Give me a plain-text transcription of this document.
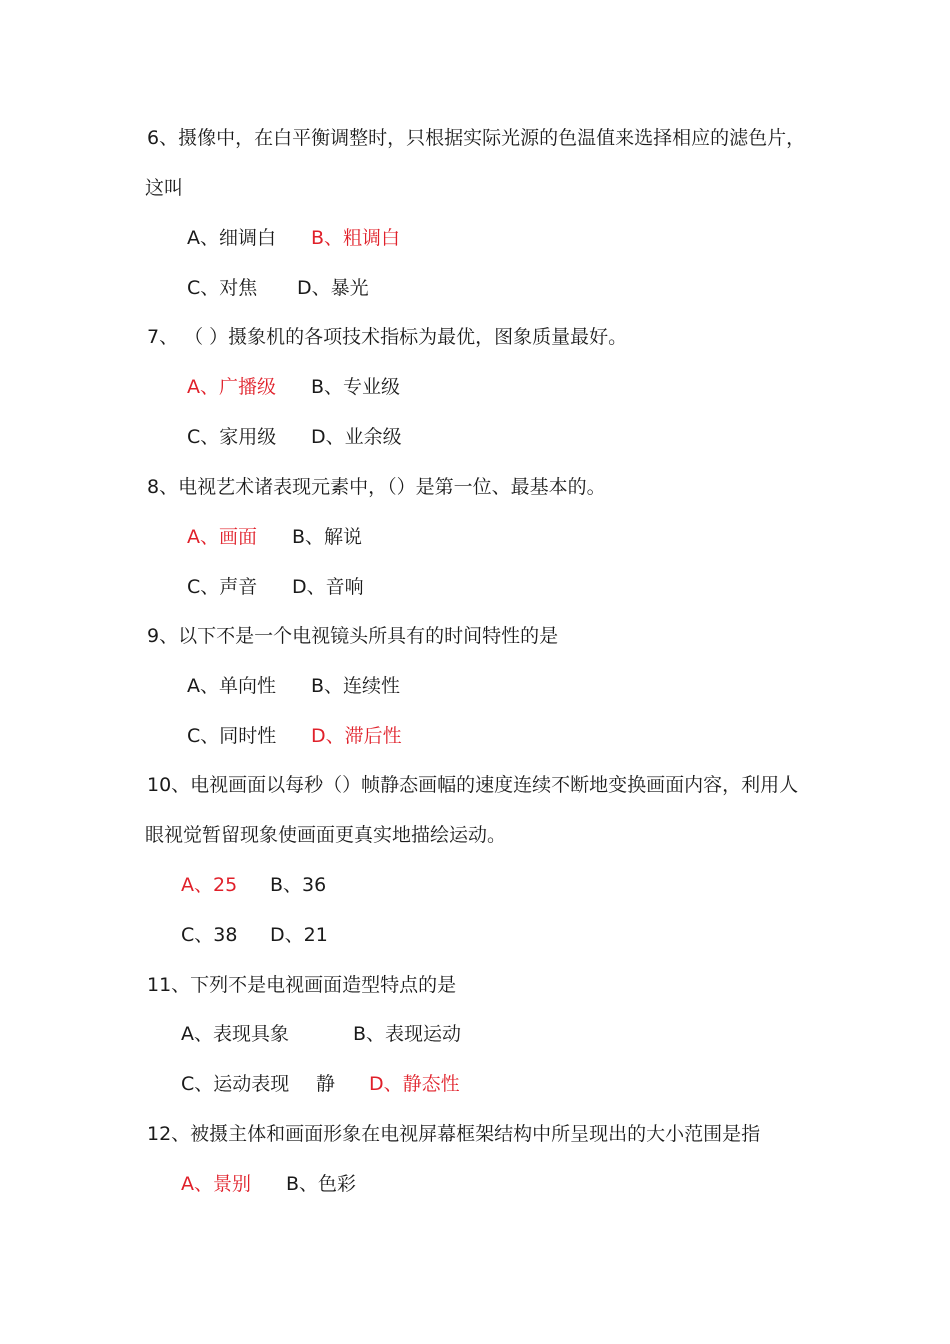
6、摄像中，在白平衡调整时，只根据实际光源的色温值来选择相应的滤色片，
这叫
A、细调白 B、粗调白
C、对焦 D、暴光
7、 （ ）摄象机的各项技术指标为最优，图象质量最好。
A、广播级 B、专业级
C、家用级 D、业余级
8、电视艺术诸表现元素中，（）是第一位、最基本的。
A、画面 B、解说
C、声音 D、音响
9、以下不是一个电视镜头所具有的时间特性的是
A、单向性 B、连续性
C、同时性 D、滞后性
10、电视画面以每秒（）帧静态画幅的速度连续不断地变换画面内容，利用人
眼视觉暂留现象使画面更真实地描绘运动。
A、25 B、36
C、38 D、21
11、下列不是电视画面造型特点的是
A、表现具象	B、表现运动
C、运动表现 静 D、静态性
12、被摄主体和画面形象在电视屏幕框架结构中所呈现出的大小范围是指
A、景别 B、色彩
